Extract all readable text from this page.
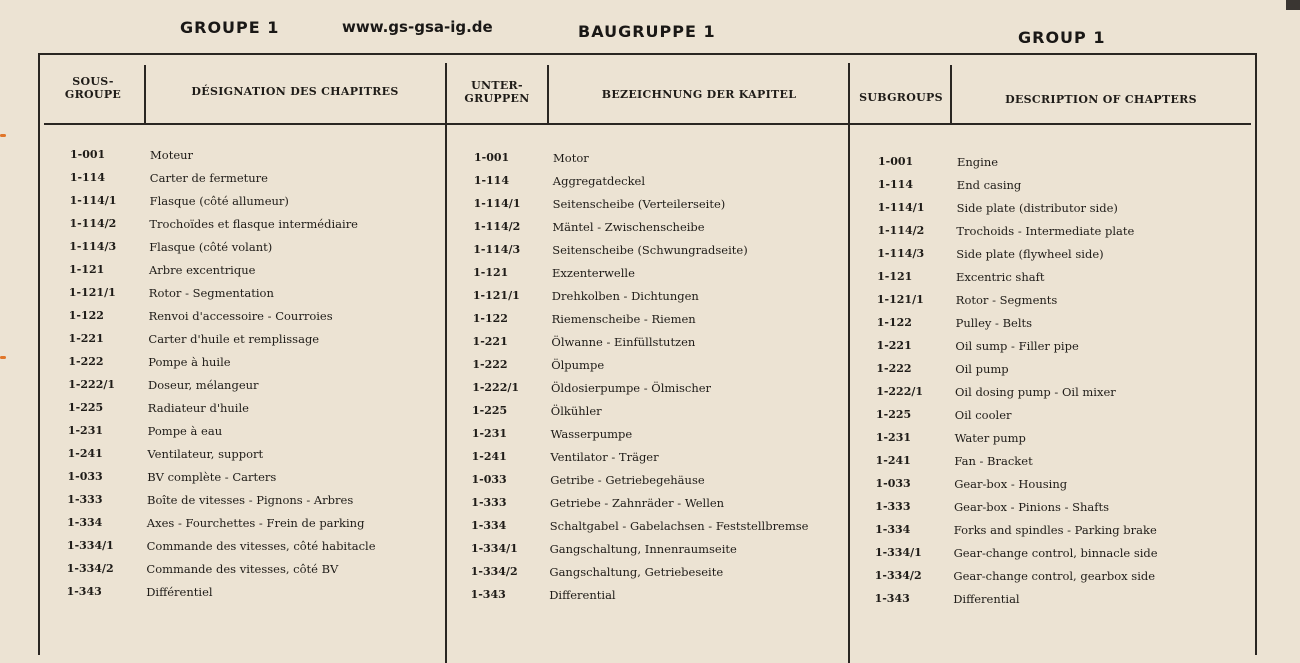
GROUPE 1	www.gs-gsa-ig.de	BAUGRUPPE 1	GROUP 1
SOUS-
GROUPE	DÉSIGNATION DES CHAPITRES	UNTER-
GRUPPEN	BEZEICHNUNG DER KAPITEL	SUBGROUPS	DESCRIPTION OF CHAPTERS
1-001	Moteur	1-001	Motor	1-001	Engine
1-114	Carter de fermeture	1-114	Aggregatdeckel	1-114	End casing
1-114/1	Flasque (côté allumeur)	1-114/1	Seitenscheibe (Verteilerseite)	1-114/1	Side plate (distributor side)
1-114/2	Trochoïdes et flasque intermédiaire	1-114/2	Mäntel - Zwischenscheibe	1-114/2	Trochoids - Intermediate plate
1-114/3	Flasque (côté volant)	1-114/3	Seitenscheibe (Schwungradseite)	1-114/3	Side plate (flywheel side)
1-121	Arbre excentrique	1-121	Exzenterwelle	1-121	Excentric shaft
1-121/1	Rotor - Segmentation	1-121/1	Drehkolben - Dichtungen	1-121/1	Rotor - Segments
1-122	Renvoi d'accessoire - Courroies	1-122	Riemenscheibe - Riemen	1-122	Pulley - Belts
1-221	Carter d'huile et remplissage	1-221	Ölwanne - Einfüllstutzen	1-221	Oil sump - Filler pipe
1-222	Pompe à huile	1-222	Ölpumpe	1-222	Oil pump
1-222/1	Doseur, mélangeur	1-222/1	Öldosierpumpe - Ölmischer	1-222/1	Oil dosing pump - Oil mixer
1-225	Radiateur d'huile	1-225	Ölkühler	1-225	Oil cooler
1-231	Pompe à eau	1-231	Wasserpumpe	1-231	Water pump
1-241	Ventilateur, support	1-241	Ventilator - Träger	1-241	Fan - Bracket
1-033	BV complète - Carters	1-033	Getribe - Getriebegehäuse	1-033	Gear-box - Housing
1-333	Boîte de vitesses - Pignons - Arbres	1-333	Getriebe - Zahnräder - Wellen	1-333	Gear-box - Pinions - Shafts
1-334	Axes - Fourchettes - Frein de parking	1-334	Schaltgabel - Gabelachsen - Feststellbremse	1-334	Forks and spindles - Parking brake
1-334/1	Commande des vitesses, côté habitacle	1-334/1	Gangschaltung, Innenraumseite	1-334/1	Gear-change control, binnacle side
1-334/2	Commande des vitesses, côté BV	1-334/2	Gangschaltung, Getriebeseite	1-334/2	Gear-change control, gearbox side
1-343	Différentiel	1-343	Differential	1-343	Differential
